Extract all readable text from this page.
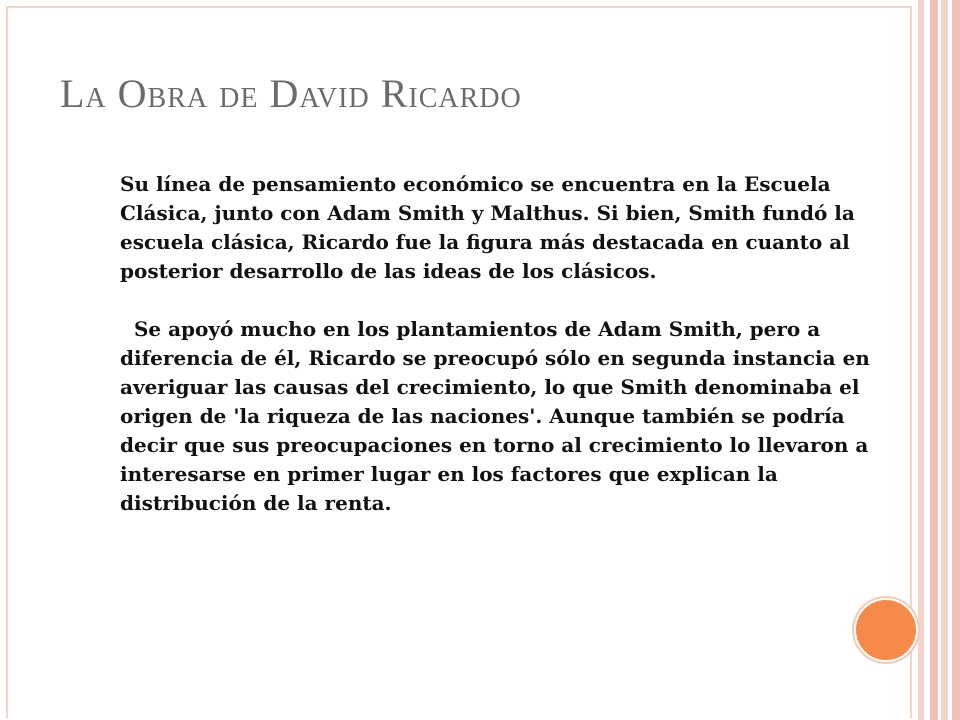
La Obra de David Ricardo

Su línea de pensamiento económico se encuentra en la Escuela Clásica, junto con Adam Smith y Malthus. Si bien, Smith fundó la escuela clásica, Ricardo fue la figura más destacada en cuanto al posterior desarrollo de las ideas de los clásicos.

Se apoyó mucho en los plantamientos de Adam Smith, pero a diferencia de él, Ricardo se preocupó sólo en segunda instancia en averiguar las causas del crecimiento, lo que Smith denominaba el origen de 'la riqueza de las naciones'. Aunque también se podría decir que sus preocupaciones en torno al crecimiento lo llevaron a interesarse en primer lugar en los factores que explican la distribución de la renta.
